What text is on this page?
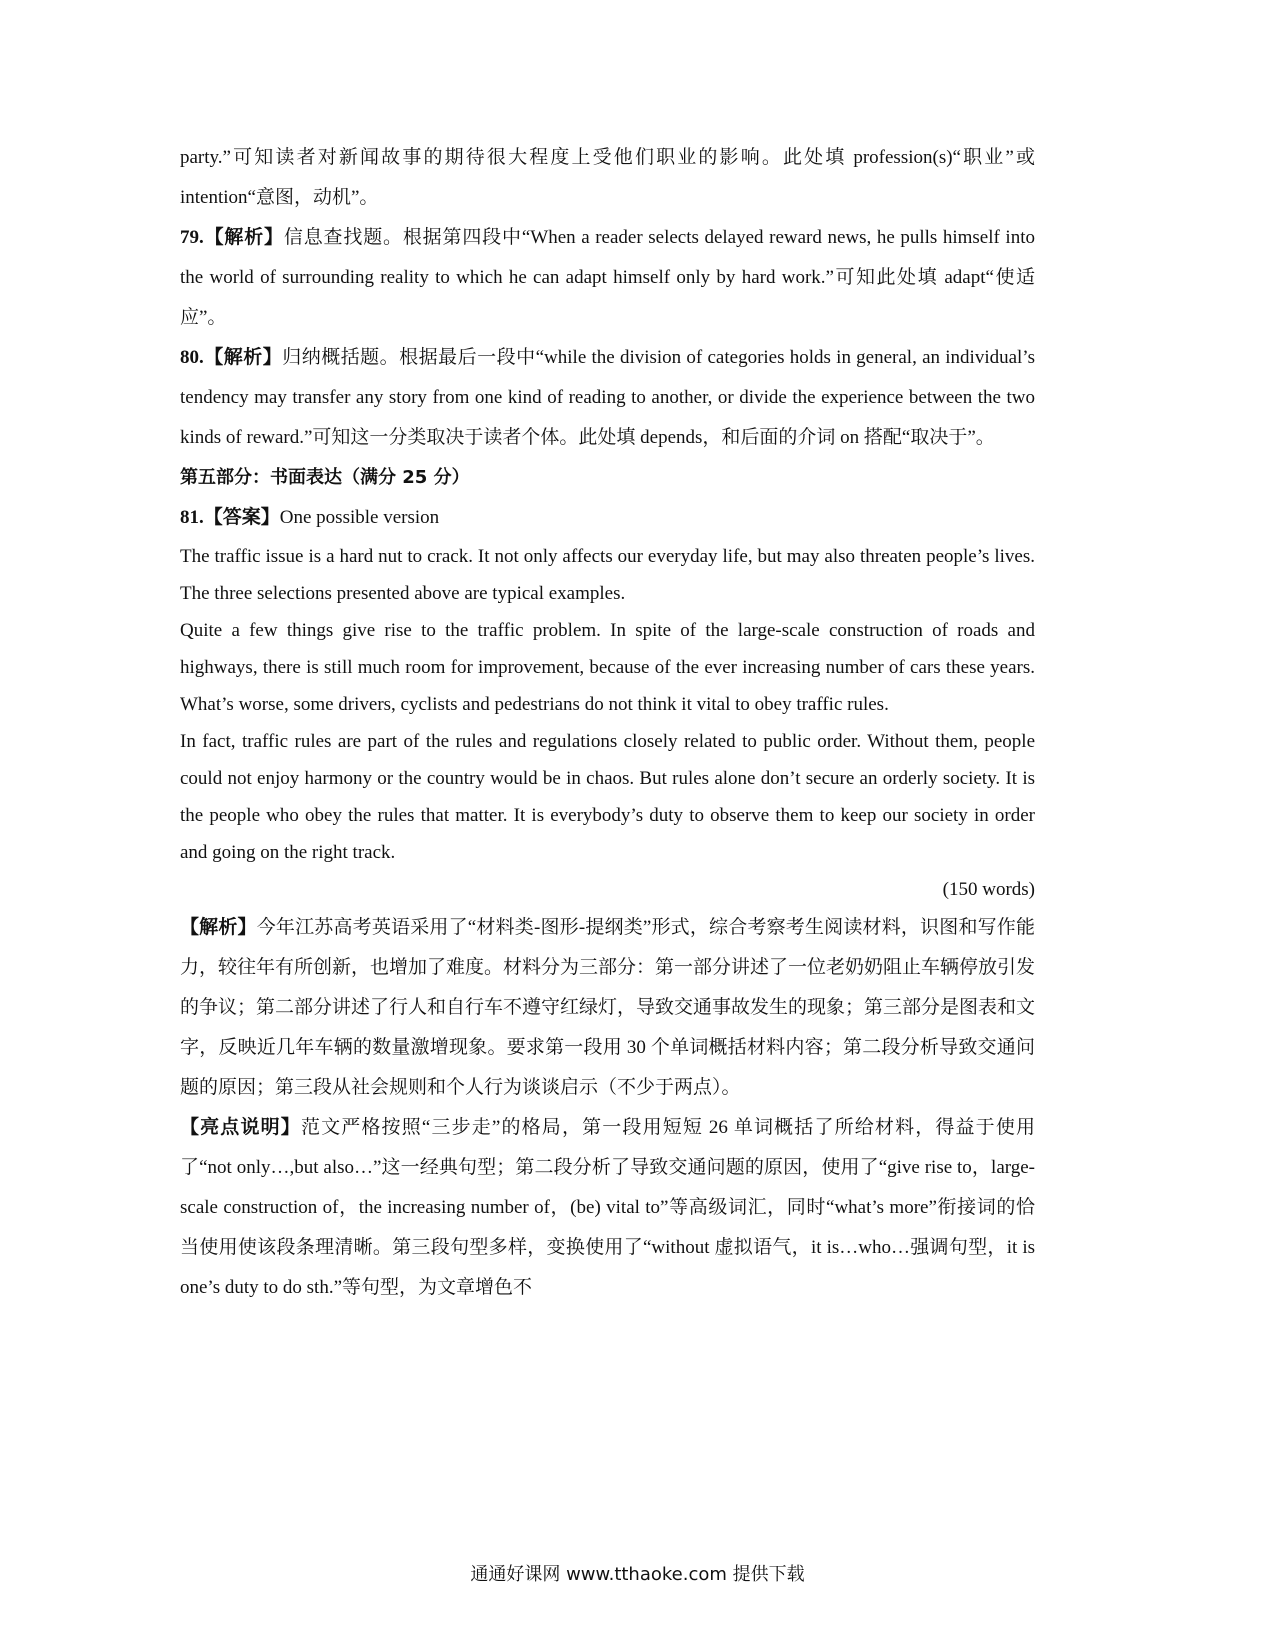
party.”可知读者对新闻故事的期待很大程度上受他们职业的影响。此处填 profession(s)“职业”或 intention“意图，动机”。

79.【解析】信息查找题。根据第四段中“When a reader selects delayed reward news, he pulls himself into the world of surrounding reality to which he can adapt himself only by hard work.”可知此处填 adapt“使适应”。

80.【解析】归纳概括题。根据最后一段中“while the division of categories holds in general, an individual’s tendency may transfer any story from one kind of reading to another, or divide the experience between the two kinds of reward.”可知这一分类取决于读者个体。此处填 depends，和后面的介词 on 搭配“取决于”。

第五部分：书面表达（满分 25 分）

81.【答案】One possible version

The traffic issue is a hard nut to crack. It not only affects our everyday life, but may also threaten people’s lives. The three selections presented above are typical examples.

Quite a few things give rise to the traffic problem. In spite of the large-scale construction of roads and highways, there is still much room for improvement, because of the ever increasing number of cars these years. What’s worse, some drivers, cyclists and pedestrians do not think it vital to obey traffic rules.

In fact, traffic rules are part of the rules and regulations closely related to public order. Without them, people could not enjoy harmony or the country would be in chaos. But rules alone don’t secure an orderly society. It is the people who obey the rules that matter. It is everybody’s duty to observe them to keep our society in order and going on the right track.

(150 words)

【解析】今年江苏高考英语采用了“材料类-图形-提纲类”形式，综合考察考生阅读材料，识图和写作能力，较往年有所创新，也增加了难度。材料分为三部分：第一部分讲述了一位老奶奶阻止车辆停放引发的争议；第二部分讲述了行人和自行车不遵守红绿灯，导致交通事故发生的现象；第三部分是图表和文字，反映近几年车辆的数量激增现象。要求第一段用 30 个单词概括材料内容；第二段分析导致交通问题的原因；第三段从社会规则和个人行为谈谈启示（不少于两点）。

【亮点说明】范文严格按照“三步走”的格局，第一段用短短 26 单词概括了所给材料，得益于使用了“not only…,but also…”这一经典句型；第二段分析了导致交通问题的原因，使用了“give rise to，large-scale construction of，the increasing number of，(be) vital to”等高级词汇，同时“what’s more”衔接词的恰当使用使该段条理清晰。第三段句型多样，变换使用了“without 虚拟语气，it is…who…强调句型，it is one’s duty to do sth.”等句型，为文章增色不

通通好课网 www.tthaoke.com 提供下载
